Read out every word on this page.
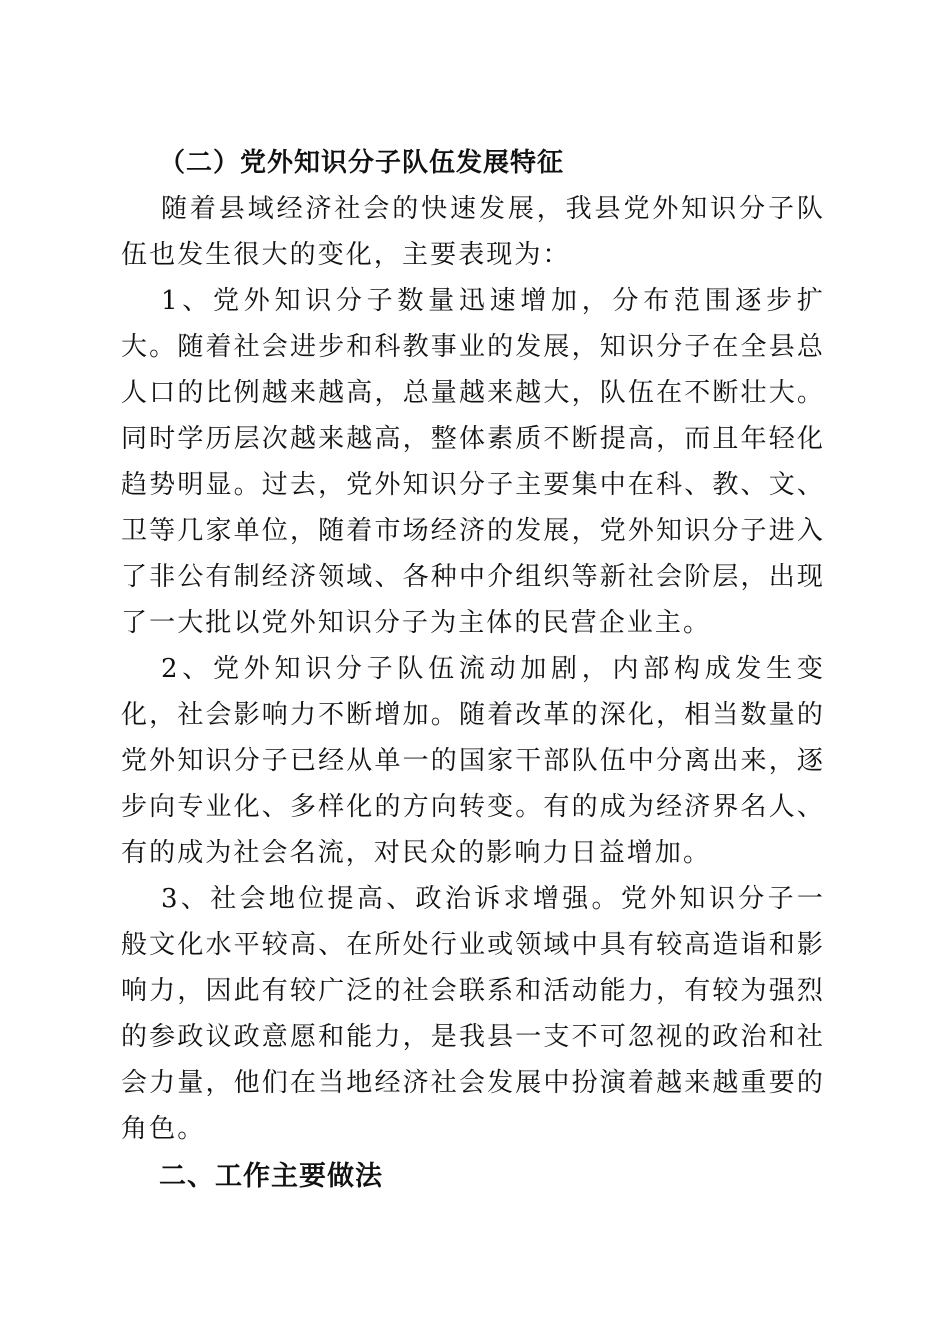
（二）党外知识分子队伍发展特征

随着县域经济社会的快速发展，我县党外知识分子队伍也发生很大的变化，主要表现为：

1、党外知识分子数量迅速增加，分布范围逐步扩大。随着社会进步和科教事业的发展，知识分子在全县总人口的比例越来越高，总量越来越大，队伍在不断壮大。同时学历层次越来越高，整体素质不断提高，而且年轻化趋势明显。过去，党外知识分子主要集中在科、教、文、卫等几家单位，随着市场经济的发展，党外知识分子进入了非公有制经济领域、各种中介组织等新社会阶层，出现了一大批以党外知识分子为主体的民营企业主。

2、党外知识分子队伍流动加剧，内部构成发生变化，社会影响力不断增加。随着改革的深化，相当数量的党外知识分子已经从单一的国家干部队伍中分离出来，逐步向专业化、多样化的方向转变。有的成为经济界名人、有的成为社会名流，对民众的影响力日益增加。

3、社会地位提高、政治诉求增强。党外知识分子一般文化水平较高、在所处行业或领域中具有较高造诣和影响力，因此有较广泛的社会联系和活动能力，有较为强烈的参政议政意愿和能力，是我县一支不可忽视的政治和社会力量，他们在当地经济社会发展中扮演着越来越重要的角色。

二、工作主要做法
